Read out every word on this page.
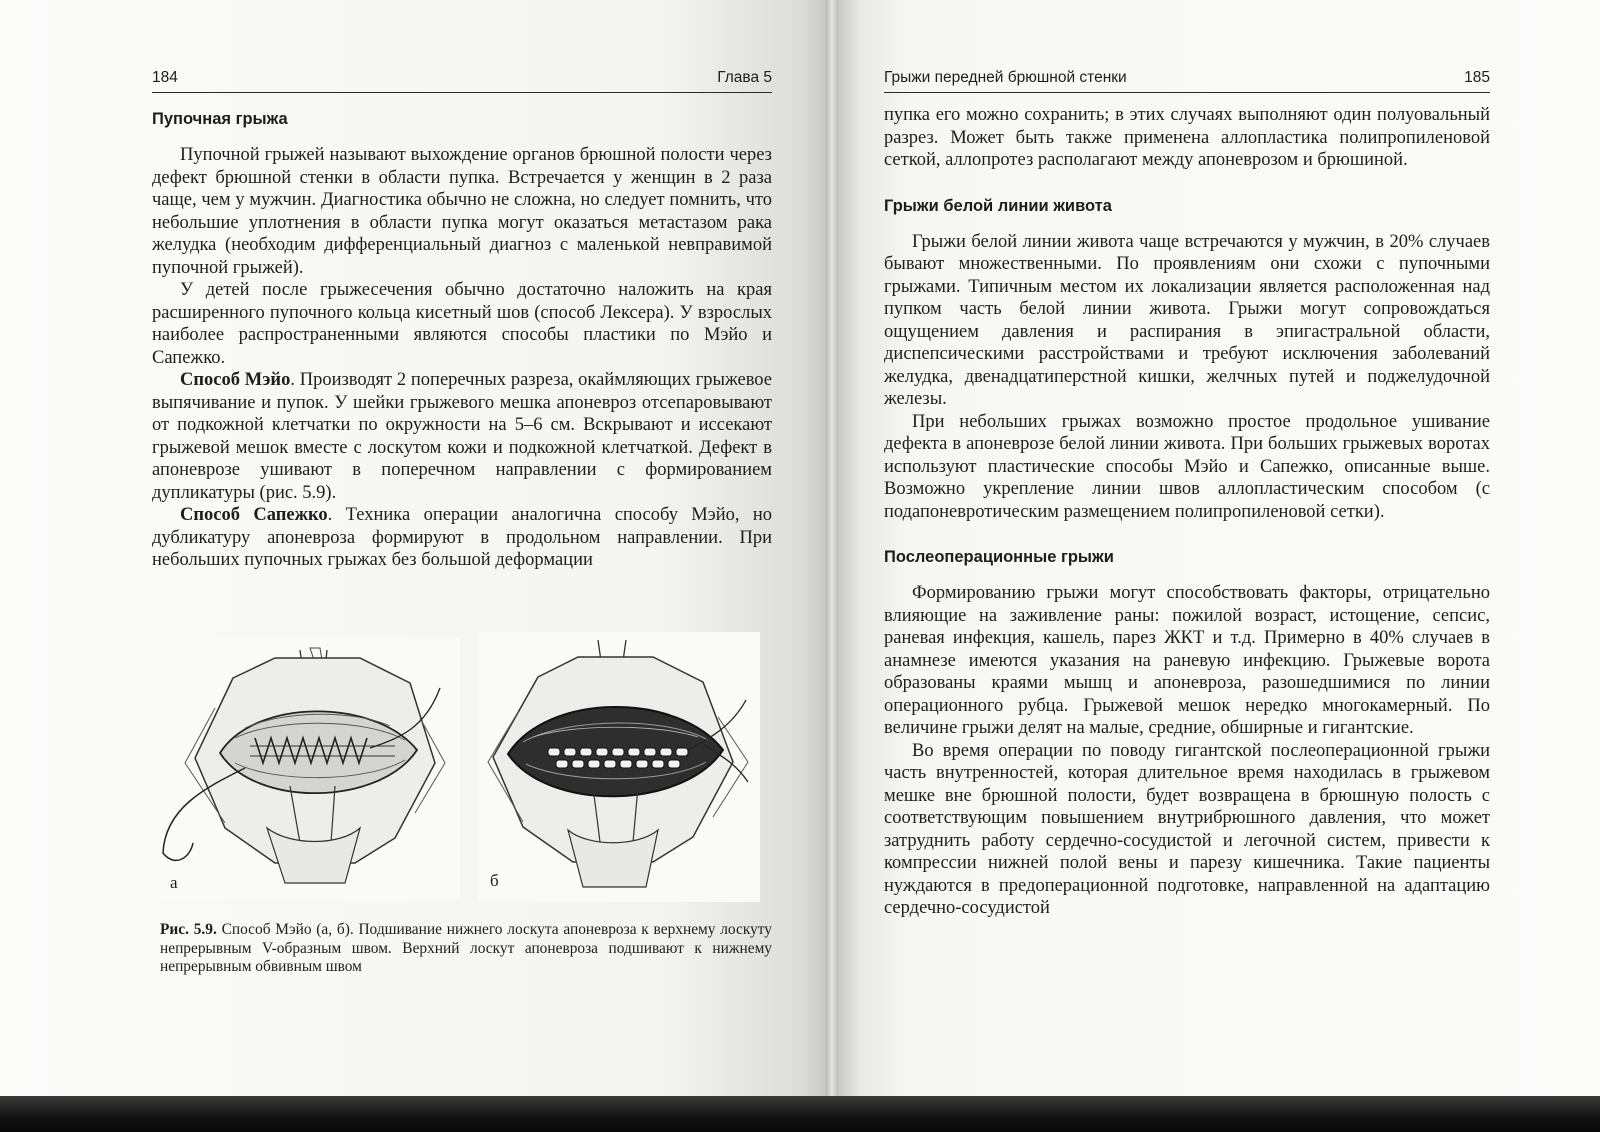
184	Глава 5
Пупочная грыжа

Пупочной грыжей называют выхождение органов брюшной полости через дефект брюшной стенки в области пупка. Встречается у женщин в 2 раза чаще, чем у мужчин. Диагностика обычно не сложна, но следует помнить, что небольшие уплотнения в области пупка могут оказаться метастазом рака желудка (необходим дифференциальный диагноз с маленькой невправимой пупочной грыжей).

У детей после грыжесечения обычно достаточно наложить на края расширенного пупочного кольца кисетный шов (способ Лексера). У взрослых наиболее распространенными являются способы пластики по Мэйо и Сапежко.

Способ Мэйо. Производят 2 поперечных разреза, окаймляющих грыжевое выпячивание и пупок. У шейки грыжевого мешка апоневроз отсепаровывают от подкожной клетчатки по окружности на 5–6 см. Вскрывают и иссекают грыжевой мешок вместе с лоскутом кожи и подкожной клетчаткой. Дефект в апоневрозе ушивают в поперечном направлении с формированием дупликатуры (рис. 5.9).

Способ Сапежко. Техника операции аналогична способу Мэйо, но дубликатуру апоневроза формируют в продольном направлении. При небольших пупочных грыжах без большой деформации

а	б
Рис. 5.9. Способ Мэйо (а, б). Подшивание нижнего лоскута апоневроза к верхнему лоскуту непрерывным V-образным швом. Верхний лоскут апоневроза подшивают к нижнему непрерывным обвивным швом
Грыжи передней брюшной стенки	185

пупка его можно сохранить; в этих случаях выполняют один полуовальный разрез. Может быть также применена аллопластика полипропиленовой сеткой, аллопротез располагают между апоневрозом и брюшиной.

Грыжи белой линии живота

Грыжи белой линии живота чаще встречаются у мужчин, в 20% случаев бывают множественными. По проявлениям они схожи с пупочными грыжами. Типичным местом их локализации является расположенная над пупком часть белой линии живота. Грыжи могут сопровождаться ощущением давления и распирания в эпигастральной области, диспепсическими расстройствами и требуют исключения заболеваний желудка, двенадцатиперстной кишки, желчных путей и поджелудочной железы.

При небольших грыжах возможно простое продольное ушивание дефекта в апоневрозе белой линии живота. При больших грыжевых воротах используют пластические способы Мэйо и Сапежко, описанные выше. Возможно укрепление линии швов аллопластическим способом (с подапоневротическим размещением полипропиленовой сетки).

Послеоперационные грыжи

Формированию грыжи могут способствовать факторы, отрицательно влияющие на заживление раны: пожилой возраст, истощение, сепсис, раневая инфекция, кашель, парез ЖКТ и т.д. Примерно в 40% случаев в анамнезе имеются указания на раневую инфекцию. Грыжевые ворота образованы краями мышц и апоневроза, разошедшимися по линии операционного рубца. Грыжевой мешок нередко многокамерный. По величине грыжи делят на малые, средние, обширные и гигантские.

Во время операции по поводу гигантской послеоперационной грыжи часть внутренностей, которая длительное время находилась в грыжевом мешке вне брюшной полости, будет возвращена в брюшную полость с соответствующим повышением внутрибрюшного давления, что может затруднить работу сердечно-сосудистой и легочной систем, привести к компрессии нижней полой вены и парезу кишечника. Такие пациенты нуждаются в предоперационной подготовке, направленной на адаптацию сердечно-сосудистой
